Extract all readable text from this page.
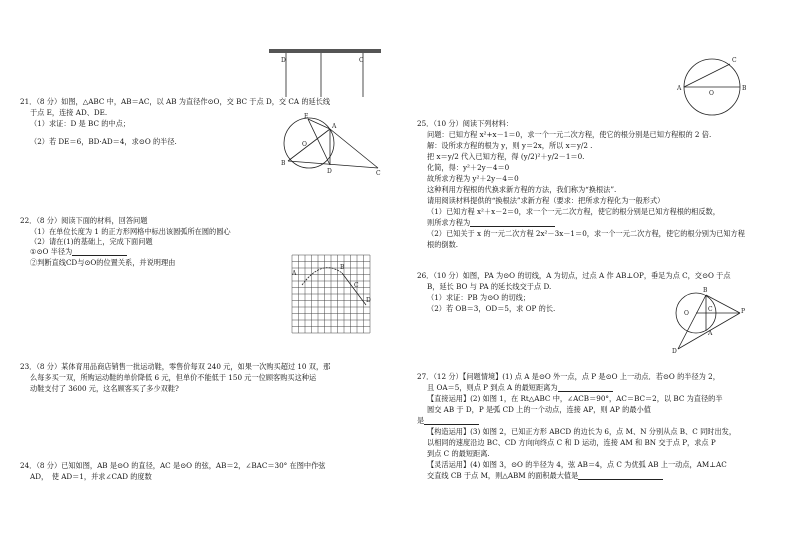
D	C
21．（8 分）如图，△ABC 中，AB＝AC，以 AB 为直径作⊙O，交 BC 于点 D，交 CA 的延长线
于点 E，连接 AD、DE.
（1）求证：D 是 BC 的中点；
（2）若 DE＝6，BD·AD＝4，求⊙O 的半径.
E
A
O
B
D	C
22．（8 分）阅读下面的材料，回答问题
（1）在单位长度为 1 的正方形网格中标出该圆弧所在圆的圆心
（2）请在(1)的基础上，完成下面问题
①⊙O 半径为
②判断直线CD与⊙O的位置关系，并说明理由
A
B
C
D
23．（8 分）某体育用品商店销售一批运动鞋，零售价每双 240 元，如果一次购买超过 10 双，那
么每多买一双，所购运动鞋的单价降低 6 元，但单价不能低于 150 元一位顾客购买这种运
动鞋支付了 3600 元，这名顾客买了多少双鞋?
24．（8 分）已知如图，AB 是⊙O 的直径，AC 是⊙O 的弦，AB＝2，∠BAC＝30° 在图中作弦
AD，　使 AD＝1，并求∠CAD 的度数
A
O
B
C
25．（10 分）阅读下列材料：
问题：已知方程 x²+x－1＝0，求一个一元二次方程，使它的根分别是已知方程根的 2 倍.
解：设所求方程的根为 y，则 y＝2x，所以 x＝y/2 .
把 x＝y/2 代入已知方程，得 (y/2)²＋y/2－1＝0.
化简，得：y²＋2y－4＝0
故所求方程为 y²＋2y－4＝0
这种利用方程根的代换求新方程的方法，我们称为“换根法”.
请用阅读材料提供的“换根法”求新方程（要求：把所求方程化为一般形式）
（1）已知方程 x²＋x－2＝0，求一个一元二次方程，使它的根分别是已知方程根的相反数，
则所求方程为
（2）已知关于 x 的一元二次方程 2x²－3x－1＝0，求一个一元二次方程，使它的根分别为已知方程
根的倒数.
26．（10 分）如图，PA 为⊙O 的切线，A 为切点，过点 A 作 AB⊥OP，垂足为点 C，交⊙O 于点
B，延长 BO 与 PA 的延长线交于点 D.
（1）求证：PB 为⊙O 的切线；
（2）若 OB＝3，OD＝5，求 OP 的长.
B
O
C	P
A
D
27．（12 分）【问题情境】(1) 点 A 是⊙O 外一点，点 P 是⊙O 上一动点．若⊙O 的半径为 2，
且 OA＝5，则点 P 到点 A 的最短距离为
【直接运用】(2) 如图 1，在 Rt△ABC 中，∠ACB＝90°，AC＝BC＝2，以 BC 为直径的半
圆交 AB 于 D，P 是弧 CD 上的一个动点，连接 AP，则 AP 的最小值
是
【构造运用】(3) 如图 2，已知正方形 ABCD 的边长为 6，点 M、N 分别从点 B、C 同时出发，
以相同的速度沿边 BC、CD 方向向终点 C 和 D 运动，连接 AM 和 BN 交于点 P，求点 P
到点 C 的最短距离.
【灵活运用】(4) 如图 3，⊙O 的半径为 4，弦 AB＝4，点 C 为优弧 AB 上一动点，AM⊥AC
交直线 CB 于点 M，则△ABM 的面积最大值是
